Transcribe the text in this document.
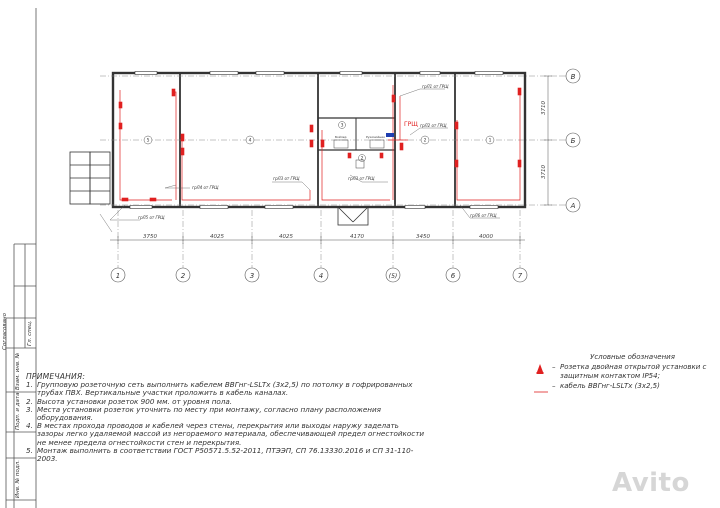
3750	4025	4025	4170	3450	4000
3710
3710
1	2	3	4	(5)	6	7
В
Б
А
5	4
3
2
2	1
Бойлер	Рукомойник
ГРЩ
грЛ1 от ГРЩ
грЛ2 от ГРЩ
грЛ3 от ГРЩ
грЛ3 от ГРЩ
грЛ4 от ГРЩ
грЛ5 от ГРЩ	грЛ6 от ГРЩ
Согласовано
Взам. инв. №
Подп. и дата
Инв. № подл.
Гл. спец.
ПРИМЕЧАНИЯ:
1. Групповую розеточную сеть выполнить кабелем ВВГнг-LSLTx (3х2,5) по потолку в гофрированных трубах ПВХ. Вертикальные участки проложить в кабель каналах.
2. Высота установки розеток 900 мм. от уровня пола.
3. Места установки розеток уточнить по месту при монтажу, согласно плану расположения оборудования.
4. В местах прохода проводов и кабелей через стены, перекрытия или выходы наружу заделать зазоры легко удаляемой массой из негораемого материала, обеспечивающей предел огнестойкости не менее предела огнестойкости стен и перекрытия.
5. Монтаж выполнить в соответствии ГОСТ Р50571.5.52-2011, ПТЭЭП, СП 76.13330.2016 и СП 31-110-2003.
Условные обозначения
– Розетка двойная открытой установки с защитным контактом IP54;
– кабель ВВГнг-LSLTx (3х2,5)
Avito
